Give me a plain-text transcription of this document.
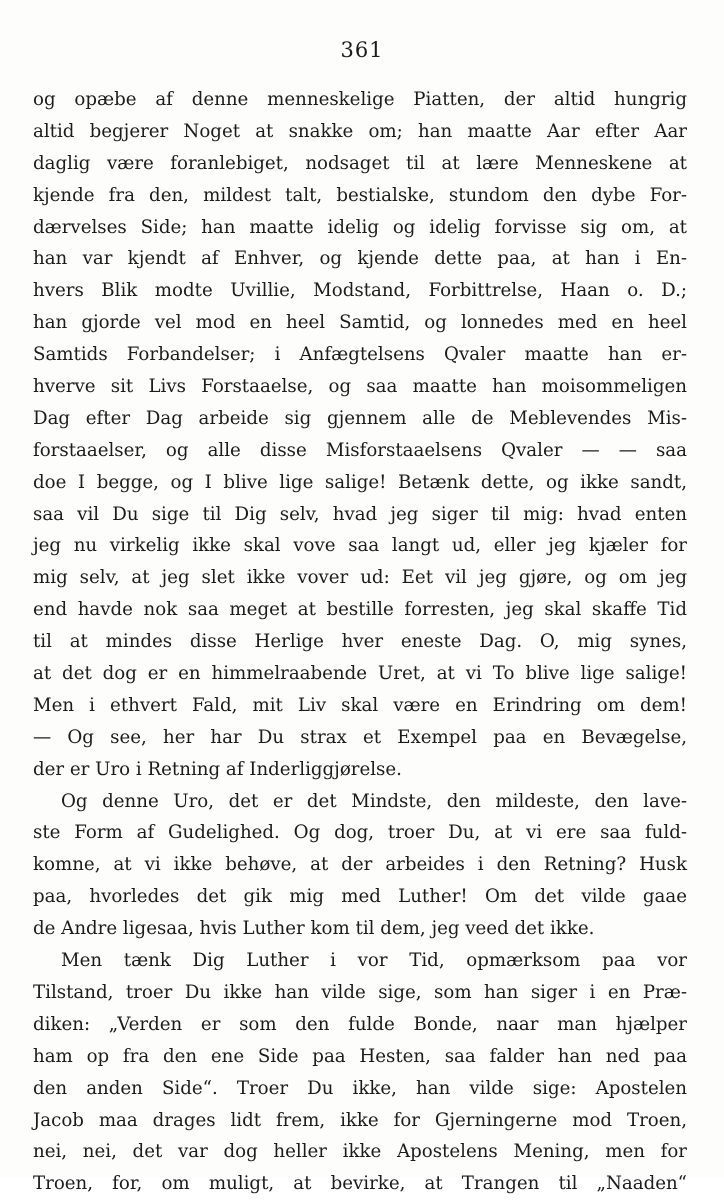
361
og opæbe af denne menneskelige Piatten, der altid hungrig
altid begjerer Noget at snakke om; han maatte Aar efter Aar
daglig være foranlebiget, nodsaget til at lære Menneskene at
kjende fra den, mildest talt, bestialske, stundom den dybe For-
dærvelses Side; han maatte idelig og idelig forvisse sig om, at
han var kjendt af Enhver, og kjende dette paa, at han i En-
hvers Blik modte Uvillie, Modstand, Forbittrelse, Haan o. D.;
han gjorde vel mod en heel Samtid, og lonnedes med en heel
Samtids Forbandelser; i Anfægtelsens Qvaler maatte han er-
hverve sit Livs Forstaaelse, og saa maatte han moisommeligen
Dag efter Dag arbeide sig gjennem alle de Meblevendes Mis-
forstaaelser, og alle disse Misforstaaelsens Qvaler — — saa
doe I begge, og I blive lige salige! Betænk dette, og ikke sandt,
saa vil Du sige til Dig selv, hvad jeg siger til mig: hvad enten
jeg nu virkelig ikke skal vove saa langt ud, eller jeg kjæler for
mig selv, at jeg slet ikke vover ud: Eet vil jeg gjøre, og om jeg
end havde nok saa meget at bestille forresten, jeg skal skaffe Tid
til at mindes disse Herlige hver eneste Dag. O, mig synes,
at det dog er en himmelraabende Uret, at vi To blive lige salige!
Men i ethvert Fald, mit Liv skal være en Erindring om dem!
— Og see, her har Du strax et Exempel paa en Bevægelse,
der er Uro i Retning af Inderliggjørelse.
Og denne Uro, det er det Mindste, den mildeste, den lave-
ste Form af Gudelighed. Og dog, troer Du, at vi ere saa fuld-
komne, at vi ikke behøve, at der arbeides i den Retning? Husk
paa, hvorledes det gik mig med Luther! Om det vilde gaae
de Andre ligesaa, hvis Luther kom til dem, jeg veed det ikke.
Men tænk Dig Luther i vor Tid, opmærksom paa vor
Tilstand, troer Du ikke han vilde sige, som han siger i en Præ-
diken: „Verden er som den fulde Bonde, naar man hjælper
ham op fra den ene Side paa Hesten, saa falder han ned paa
den anden Side“. Troer Du ikke, han vilde sige: Apostelen
Jacob maa drages lidt frem, ikke for Gjerningerne mod Troen,
nei, nei, det var dog heller ikke Apostelens Mening, men for
Troen, for, om muligt, at bevirke, at Trangen til „Naaden“
